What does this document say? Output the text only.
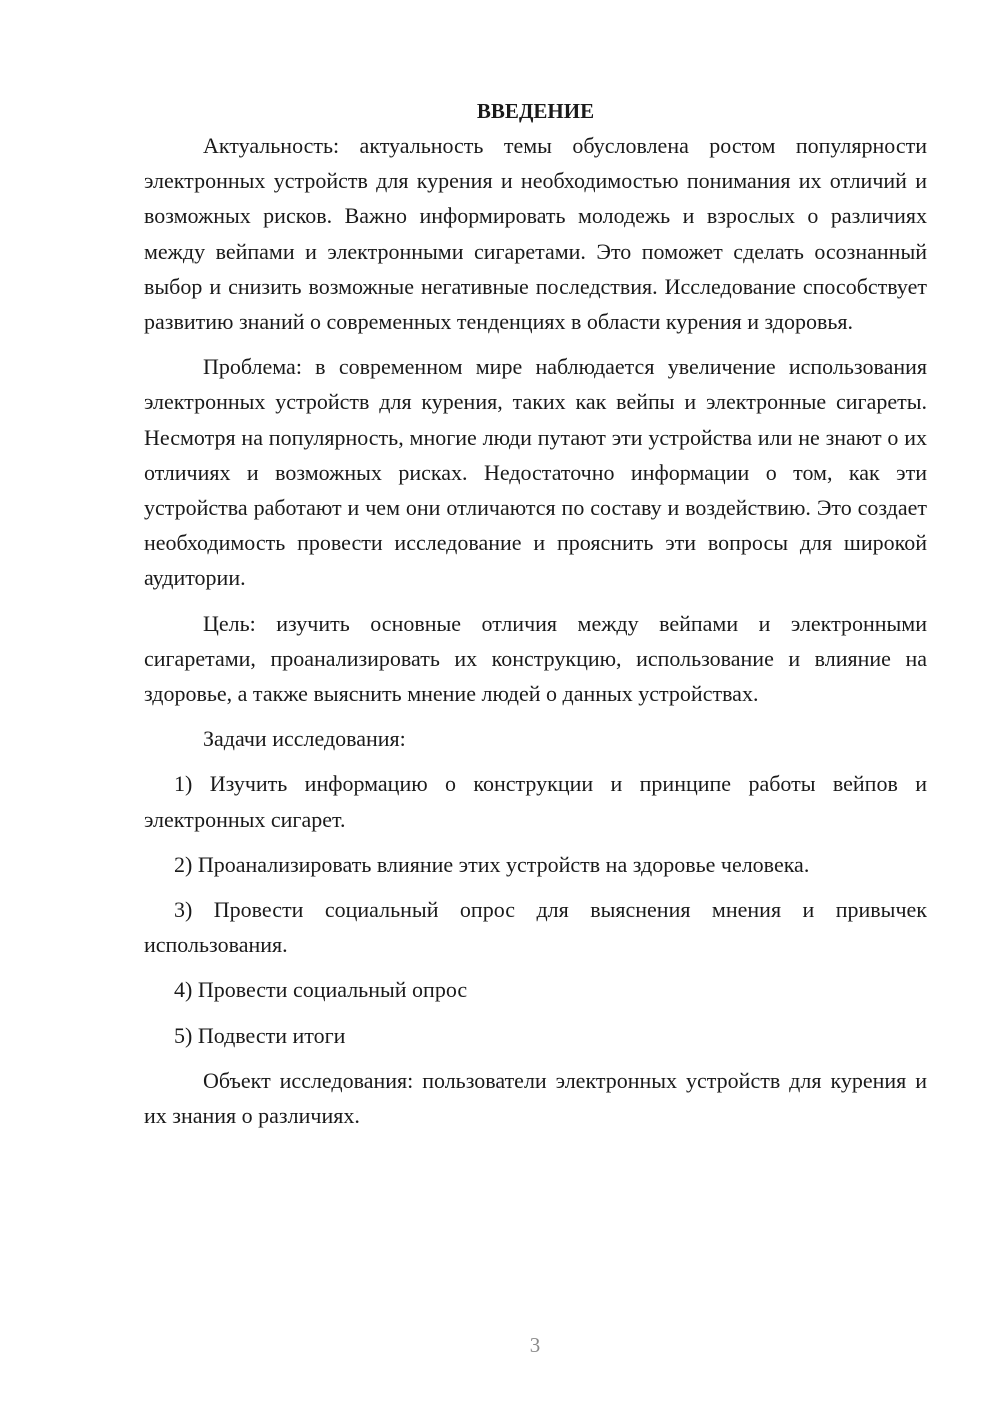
ВВЕДЕНИЕ

Актуальность: актуальность темы обусловлена ростом популярности электронных устройств для курения и необходимостью понимания их отличий и возможных рисков. Важно информировать молодежь и взрослых о различиях между вейпами и электронными сигаретами. Это поможет сделать осознанный выбор и снизить возможные негативные последствия. Исследование способствует развитию знаний о современных тенденциях в области курения и здоровья.

Проблема: в современном мире наблюдается увеличение использования электронных устройств для курения, таких как вейпы и электронные сигареты. Несмотря на популярность, многие люди путают эти устройства или не знают о их отличиях и возможных рисках. Недостаточно информации о том, как эти устройства работают и чем они отличаются по составу и воздействию. Это создает необходимость провести исследование и прояснить эти вопросы для широкой аудитории.

Цель: изучить основные отличия между вейпами и электронными сигаретами, проанализировать их конструкцию, использование и влияние на здоровье, а также выяснить мнение людей о данных устройствах.

Задачи исследования:

1) Изучить информацию о конструкции и принципе работы вейпов и электронных сигарет.

2) Проанализировать влияние этих устройств на здоровье человека.

3) Провести социальный опрос для выяснения мнения и привычек использования.

4) Провести социальный опрос

5) Подвести итоги

Объект исследования: пользователи электронных устройств для курения и их знания о различиях.

3
